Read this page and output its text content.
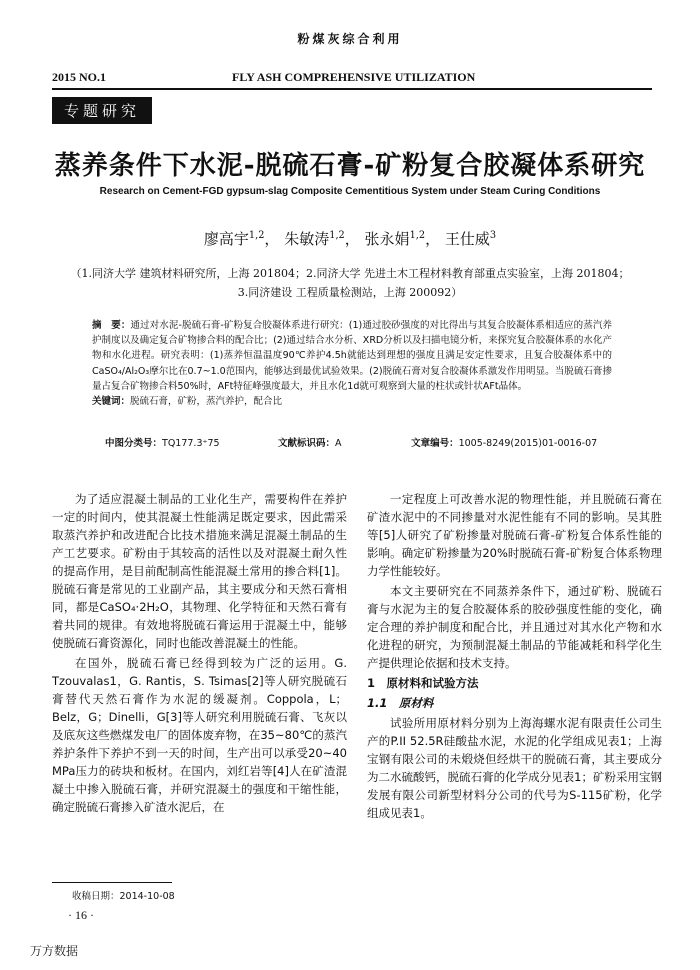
粉煤灰综合利用
2015 NO.1	FLY ASH COMPREHENSIVE UTILIZATION
专题研究
蒸养条件下水泥-脱硫石膏-矿粉复合胶凝体系研究
Research on Cement-FGD gypsum-slag Composite Cementitious System under Steam Curing Conditions
廖高宇$^{1,2}$， 朱敏涛$^{1,2}$， 张永娟$^{1,2}$， 王仕威$^3$
（1.同济大学 建筑材料研究所，上海 201804；2.同济大学 先进土木工程材料教育部重点实验室，上海 201804；
3.同济建设 工程质量检测站，上海 200092）
摘　要：通过对水泥-脱硫石膏-矿粉复合胶凝体系进行研究：(1)通过胶砂强度的对比得出与其复合胶凝体系相适应的蒸汽养护制度以及确定复合矿物掺合料的配合比；(2)通过结合水分析、XRD分析以及扫描电镜分析，来探究复合胶凝体系的水化产物和水化进程。研究表明：(1)蒸养恒温温度90℃养护4.5h就能达到理想的强度且满足安定性要求，且复合胶凝体系中的CaSO₄/Al₂O₃摩尔比在0.7~1.0范围内，能够达到最优试验效果。(2)脱硫石膏对复合胶凝体系激发作用明显。当脱硫石膏掺量占复合矿物掺合料50%时，AFt特征峰强度最大，并且水化1d就可观察到大量的柱状或针状AFt晶体。
关键词：脱硫石膏，矿粉，蒸汽养护，配合比
中图分类号：TQ177.3⁺75	文献标识码：A	文章编号：1005-8249(2015)01-0016-07

为了适应混凝土制品的工业化生产，需要构件在养护一定的时间内，使其混凝土性能满足既定要求，因此需采取蒸汽养护和改进配合比技术措施来满足混凝土制品的生产工艺要求。矿粉由于其较高的活性以及对混凝土耐久性的提高作用，是目前配制高性能混凝土常用的掺合料[1]。脱硫石膏是常见的工业副产品，其主要成分和天然石膏相同，都是CaSO₄·2H₂O，其物理、化学特征和天然石膏有着共同的规律。有效地将脱硫石膏运用于混凝土中，能够使脱硫石膏资源化，同时也能改善混凝土的性能。

在国外，脱硫石膏已经得到较为广泛的运用。G. Tzouvalas1，G. Rantis，S. Tsimas[2]等人研究脱硫石膏替代天然石膏作为水泥的缓凝剂。Coppola，L；Belz，G；Dinelli，G[3]等人研究利用脱硫石膏、飞灰以及底灰这些燃煤发电厂的固体废弃物，在35~80℃的蒸汽养护条件下养护不到一天的时间，生产出可以承受20~40 MPa压力的砖块和板材。在国内，刘红岩等[4]人在矿渣混凝土中掺入脱硫石膏，并研究混凝土的强度和干缩性能，确定脱硫石膏掺入矿渣水泥后，在

一定程度上可改善水泥的物理性能，并且脱硫石膏在矿渣水泥中的不同掺量对水泥性能有不同的影响。吴其胜等[5]人研究了矿粉掺量对脱硫石膏-矿粉复合体系性能的影响。确定矿粉掺量为20%时脱硫石膏-矿粉复合体系物理力学性能较好。

本文主要研究在不同蒸养条件下，通过矿粉、脱硫石膏与水泥为主的复合胶凝体系的胶砂强度性能的变化，确定合理的养护制度和配合比，并且通过对其水化产物和水化进程的研究，为预制混凝土制品的节能减耗和科学化生产提供理论依据和技术支持。

1　原材料和试验方法

1.1　原材料

试验所用原材料分别为上海海螺水泥有限责任公司生产的P.II 52.5R硅酸盐水泥，水泥的化学组成见表1；上海宝钢有限公司的未煅烧但经烘干的脱硫石膏，其主要成分为二水硫酸钙，脱硫石膏的化学成分见表1；矿粉采用宝钢发展有限公司新型材料分公司的代号为S-115矿粉，化学组成见表1。

收稿日期：2014-10-08
· 16 ·
万方数据
